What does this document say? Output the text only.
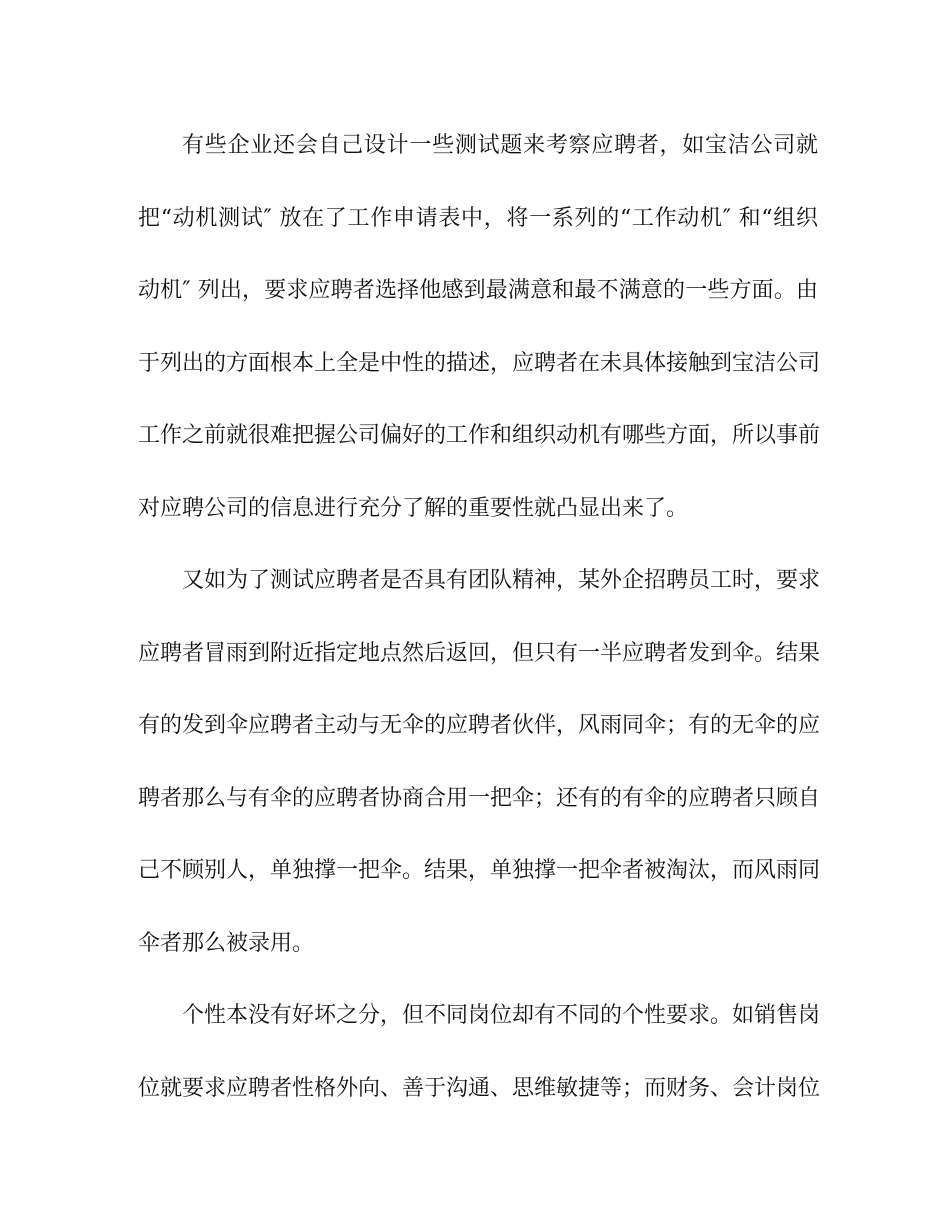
有些企业还会自己设计一些测试题来考察应聘者，如宝洁公司就
把“动机测试″ 放在了工作申请表中，将一系列的“工作动机″ 和“组织
动机″ 列出，要求应聘者选择他感到最满意和最不满意的一些方面。由
于列出的方面根本上全是中性的描述，应聘者在未具体接触到宝洁公司
工作之前就很难把握公司偏好的工作和组织动机有哪些方面，所以事前
对应聘公司的信息进行充分了解的重要性就凸显出来了。
又如为了测试应聘者是否具有团队精神，某外企招聘员工时，要求
应聘者冒雨到附近指定地点然后返回，但只有一半应聘者发到伞。结果
有的发到伞应聘者主动与无伞的应聘者伙伴，风雨同伞；有的无伞的应
聘者那么与有伞的应聘者协商合用一把伞；还有的有伞的应聘者只顾自
己不顾别人，单独撑一把伞。结果，单独撑一把伞者被淘汰，而风雨同
伞者那么被录用。
个性本没有好坏之分，但不同岗位却有不同的个性要求。如销售岗
位就要求应聘者性格外向、善于沟通、思维敏捷等；而财务、会计岗位
